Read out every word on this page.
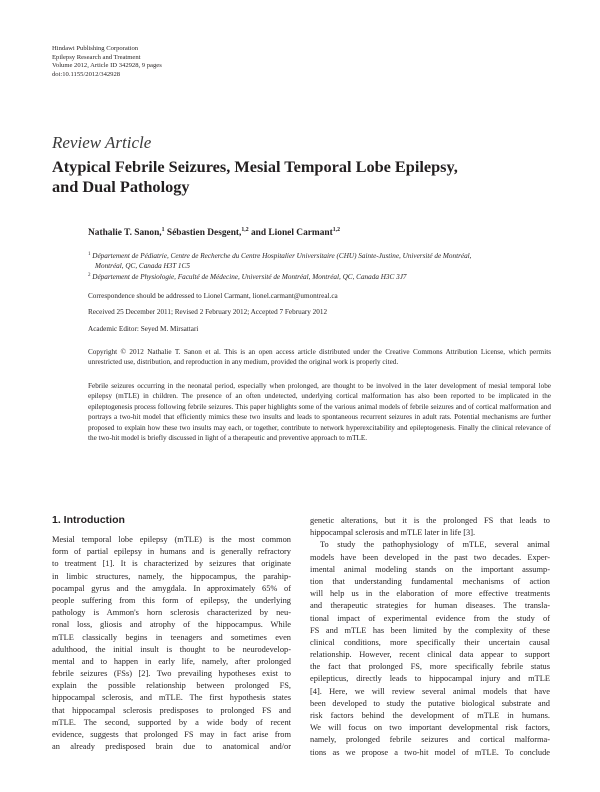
Hindawi Publishing Corporation
Epilepsy Research and Treatment
Volume 2012, Article ID 342928, 9 pages
doi:10.1155/2012/342928
Review Article
Atypical Febrile Seizures, Mesial Temporal Lobe Epilepsy,
and Dual Pathology
Nathalie T. Sanon,$^1$ Sébastien Desgent,$^{1,2}$ and Lionel Carmant$^{1,2}$
$^1$ Département de Pédiatrie, Centre de Recherche du Centre Hospitalier Universitaire (CHU) Sainte-Justine, Université de Montréal,
Montréal, QC, Canada H3T 1C5
$^2$ Département de Physiologie, Faculté de Médecine, Université de Montréal, Montréal, QC, Canada H3C 3J7
Correspondence should be addressed to Lionel Carmant, lionel.carmant@umontreal.ca
Received 25 December 2011; Revised 2 February 2012; Accepted 7 February 2012
Academic Editor: Seyed M. Mirsattari
Copyright © 2012 Nathalie T. Sanon et al. This is an open access article distributed under the Creative Commons Attribution License, which permits unrestricted use, distribution, and reproduction in any medium, provided the original work is properly cited.
Febrile seizures occurring in the neonatal period, especially when prolonged, are thought to be involved in the later development of mesial temporal lobe epilepsy (mTLE) in children. The presence of an often undetected, underlying cortical malformation has also been reported to be implicated in the epileptogenesis process following febrile seizures. This paper highlights some of the various animal models of febrile seizures and of cortical malformation and portrays a two-hit model that efficiently mimics these two insults and leads to spontaneous recurrent seizures in adult rats. Potential mechanisms are further proposed to explain how these two insults may each, or together, contribute to network hyperexcitability and epileptogenesis. Finally the clinical relevance of the two-hit model is briefly discussed in light of a therapeutic and preventive approach to mTLE.
1. Introduction
Mesial temporal lobe epilepsy (mTLE) is the most common
form of partial epilepsy in humans and is generally refractory
to treatment [1]. It is characterized by seizures that originate
in limbic structures, namely, the hippocampus, the parahip-
pocampal gyrus and the amygdala. In approximately 65% of
people suffering from this form of epilepsy, the underlying
pathology is Ammon's horn sclerosis characterized by neu-
ronal loss, gliosis and atrophy of the hippocampus. While
mTLE classically begins in teenagers and sometimes even
adulthood, the initial insult is thought to be neurodevelop-
mental and to happen in early life, namely, after prolonged
febrile seizures (FSs) [2]. Two prevailing hypotheses exist to
explain the possible relationship between prolonged FS,
hippocampal sclerosis, and mTLE. The first hypothesis states
that hippocampal sclerosis predisposes to prolonged FS and
mTLE. The second, supported by a wide body of recent
evidence, suggests that prolonged FS may in fact arise from
an already predisposed brain due to anatomical and/or
genetic alterations, but it is the prolonged FS that leads to
hippocampal sclerosis and mTLE later in life [3].
To study the pathophysiology of mTLE, several animal
models have been developed in the past two decades. Exper-
imental animal modeling stands on the important assump-
tion that understanding fundamental mechanisms of action
will help us in the elaboration of more effective treatments
and therapeutic strategies for human diseases. The transla-
tional impact of experimental evidence from the study of
FS and mTLE has been limited by the complexity of these
clinical conditions, more specifically their uncertain causal
relationship. However, recent clinical data appear to support
the fact that prolonged FS, more specifically febrile status
epilepticus, directly leads to hippocampal injury and mTLE
[4]. Here, we will review several animal models that have
been developed to study the putative biological substrate and
risk factors behind the development of mTLE in humans.
We will focus on two important developmental risk factors,
namely, prolonged febrile seizures and cortical malforma-
tions as we propose a two-hit model of mTLE. To conclude
